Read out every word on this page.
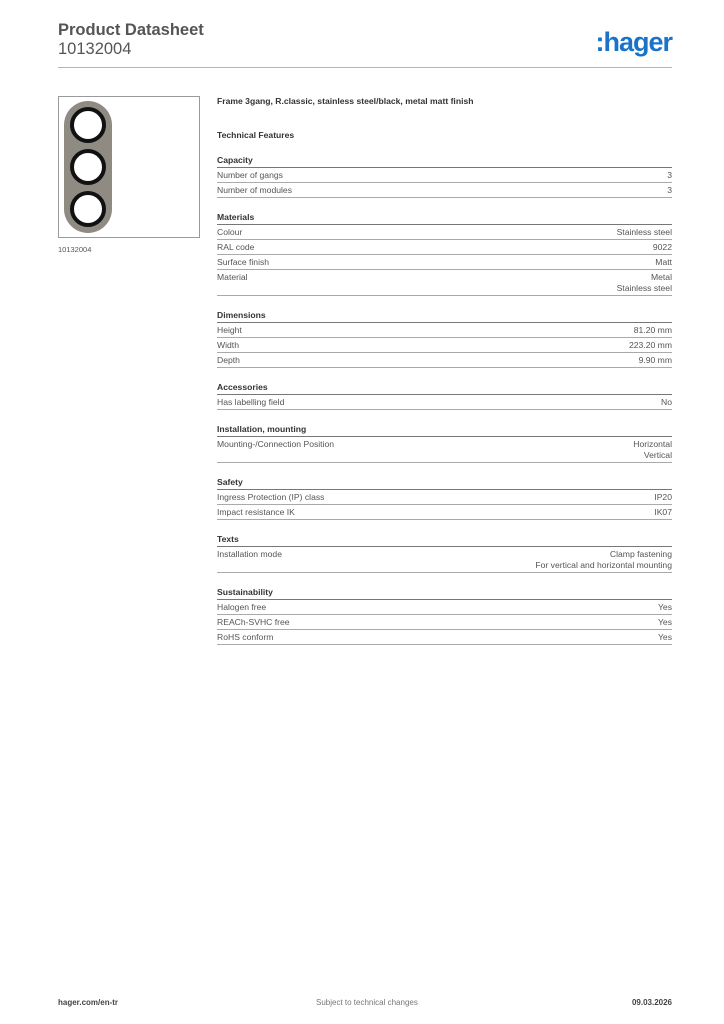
Product Datasheet
10132004	:hager
10132004
Frame 3gang, R.classic, stainless steel/black, metal matt finish
Technical Features
Capacity
Number of gangs	3
Number of modules	3
Materials
Colour	Stainless steel
RAL code	9022
Surface finish	Matt
Material	Metal
Stainless steel
Dimensions
Height	81.20 mm
Width	223.20 mm
Depth	9.90 mm
Accessories
Has labelling field	No
Installation, mounting
Mounting-/Connection Position	Horizontal
Vertical
Safety
Ingress Protection (IP) class	IP20
Impact resistance IK	IK07
Texts
Installation mode	Clamp fastening
For vertical and horizontal mounting
Sustainability
Halogen free	Yes
REACh-SVHC free	Yes
RoHS conform	Yes
hager.com/en-tr	Subject to technical changes	09.03.2026
